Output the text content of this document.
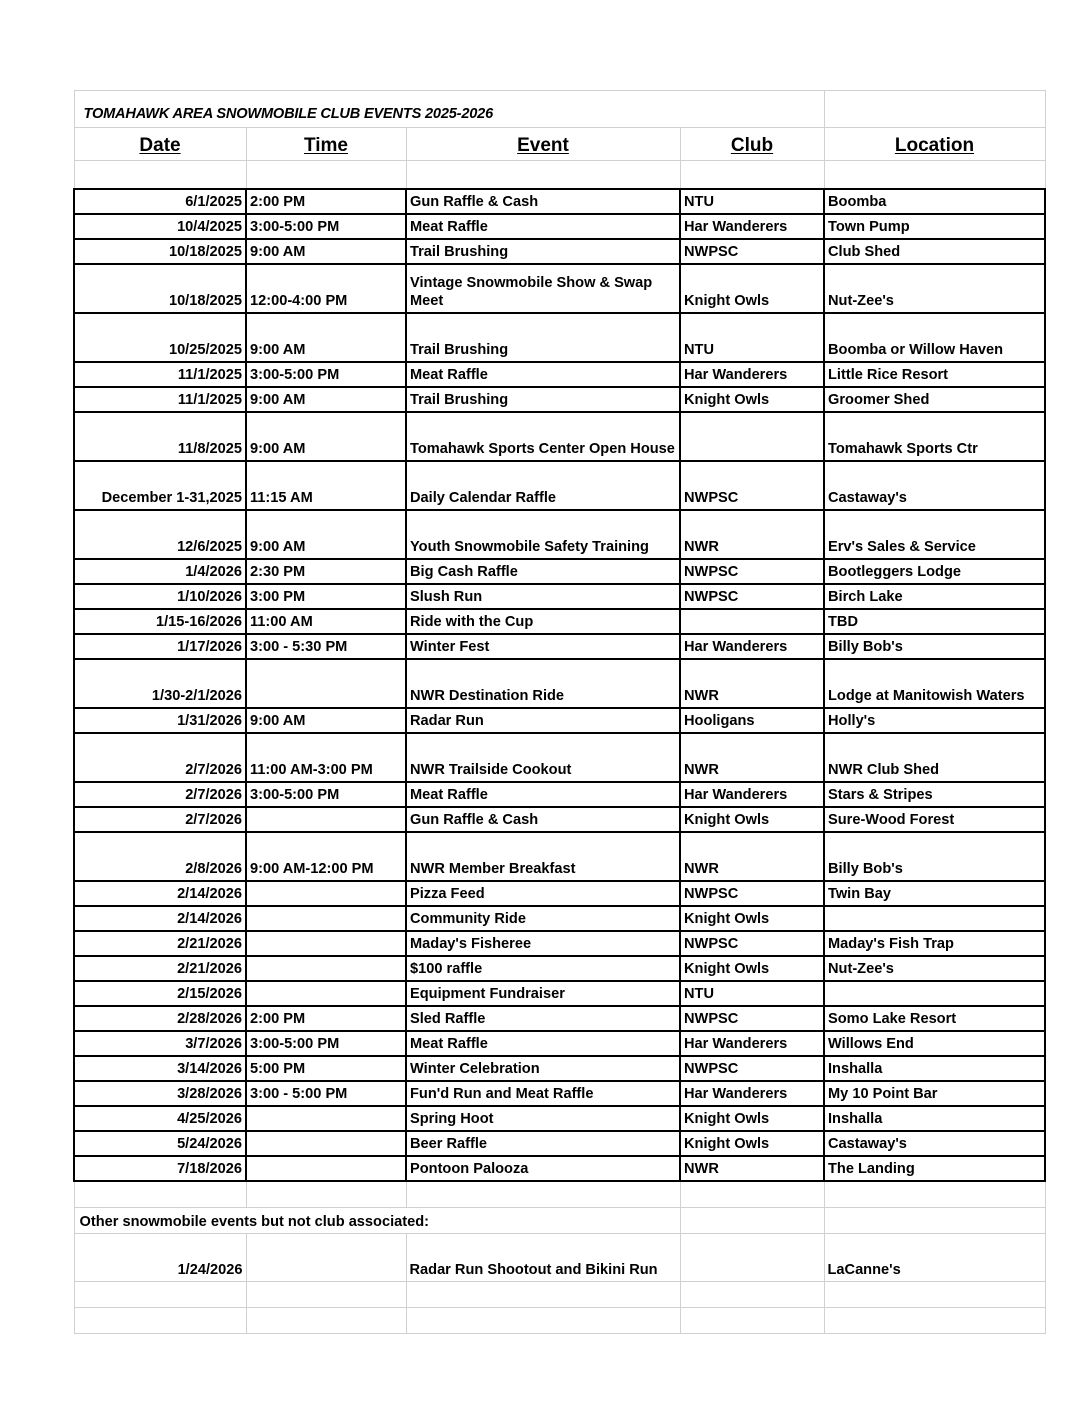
TOMAHAWK AREA SNOWMOBILE CLUB EVENTS 2025-2026				
Date	Time	Event	Club	Location

6/1/2025	2:00 PM	Gun Raffle & Cash	NTU	Boomba
10/4/2025	3:00-5:00 PM	Meat Raffle	Har Wanderers	Town Pump
10/18/2025	9:00 AM	Trail Brushing	NWPSC	Club Shed
10/18/2025	12:00-4:00 PM	Vintage Snowmobile Show & Swap Meet	Knight Owls	Nut-Zee's
10/25/2025	9:00 AM	Trail Brushing	NTU	Boomba or Willow Haven
11/1/2025	3:00-5:00 PM	Meat Raffle	Har Wanderers	Little Rice Resort
11/1/2025	9:00 AM	Trail Brushing	Knight Owls	Groomer Shed
11/8/2025	9:00 AM	Tomahawk Sports Center Open House		Tomahawk Sports Ctr
December 1-31,2025	11:15 AM	Daily Calendar Raffle	NWPSC	Castaway's
12/6/2025	9:00 AM	Youth Snowmobile Safety Training	NWR	Erv's Sales & Service
1/4/2026	2:30 PM	Big Cash Raffle	NWPSC	Bootleggers Lodge
1/10/2026	3:00 PM	Slush Run	NWPSC	Birch Lake
1/15-16/2026	11:00 AM	Ride with the Cup		TBD
1/17/2026	3:00 - 5:30 PM	Winter Fest	Har Wanderers	Billy Bob's
1/30-2/1/2026		NWR Destination Ride	NWR	Lodge at Manitowish Waters
1/31/2026	9:00 AM	Radar Run	Hooligans	Holly's
2/7/2026	11:00 AM-3:00 PM	NWR Trailside Cookout	NWR	NWR Club Shed
2/7/2026	3:00-5:00 PM	Meat Raffle	Har Wanderers	Stars & Stripes
2/7/2026		Gun Raffle & Cash	Knight Owls	Sure-Wood Forest
2/8/2026	9:00 AM-12:00 PM	NWR Member Breakfast	NWR	Billy Bob's
2/14/2026		Pizza Feed	NWPSC	Twin Bay
2/14/2026		Community Ride	Knight Owls	
2/21/2026		Maday's Fisheree	NWPSC	Maday's Fish Trap
2/21/2026		$100 raffle	Knight Owls	Nut-Zee's
2/15/2026		Equipment Fundraiser	NTU	
2/28/2026	2:00 PM	Sled Raffle	NWPSC	Somo Lake Resort
3/7/2026	3:00-5:00 PM	Meat Raffle	Har Wanderers	Willows End
3/14/2026	5:00 PM	Winter Celebration	NWPSC	Inshalla
3/28/2026	3:00 - 5:00 PM	Fun'd Run and Meat Raffle	Har Wanderers	My 10 Point Bar
4/25/2026		Spring Hoot	Knight Owls	Inshalla
5/24/2026		Beer Raffle	Knight Owls	Castaway's
7/18/2026		Pontoon Palooza	NWR	The Landing

Other snowmobile events but not club associated:				
1/24/2026		Radar Run Shootout and Bikini Run		LaCanne's
